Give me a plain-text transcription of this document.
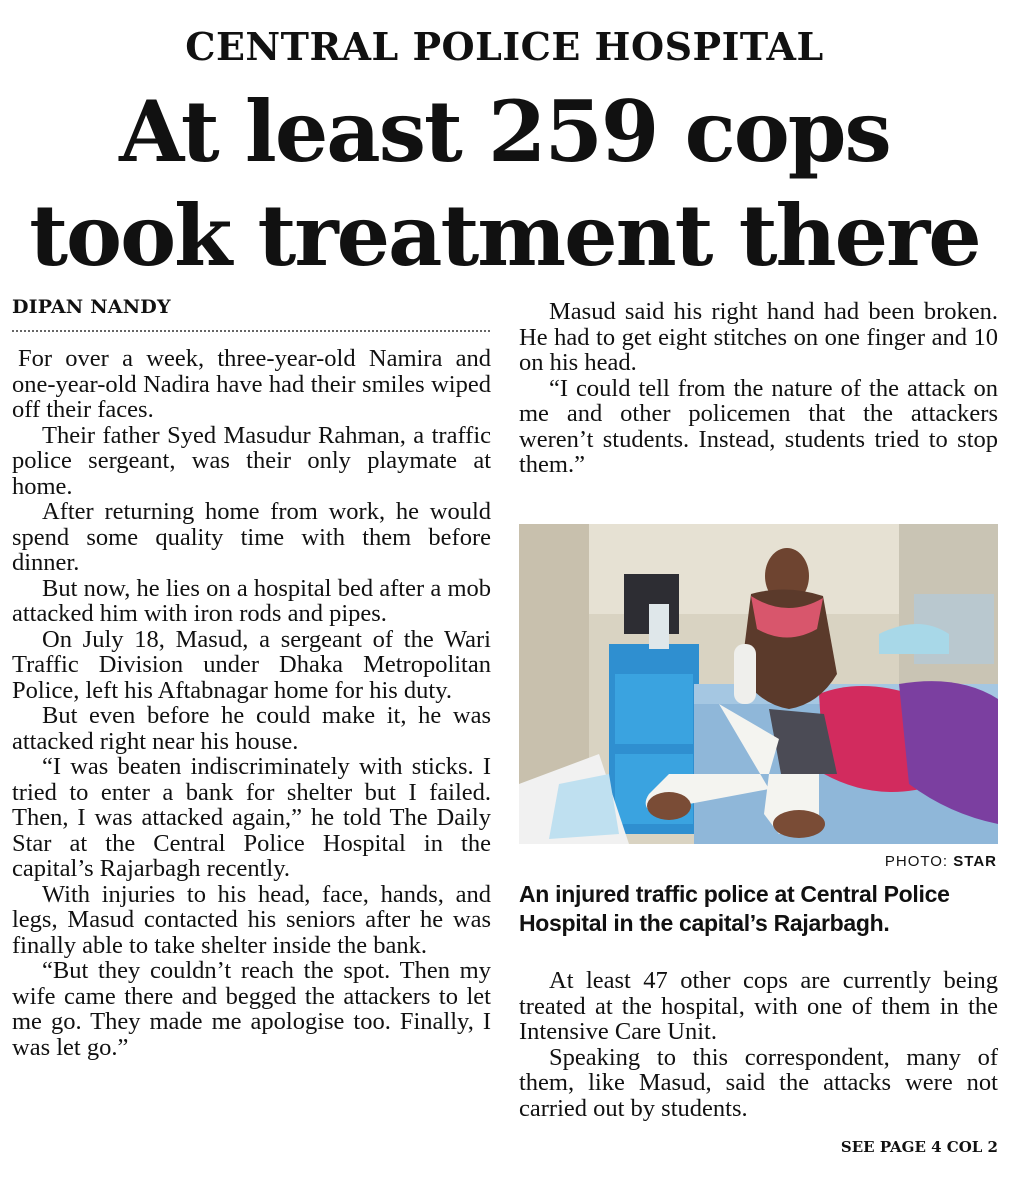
CENTRAL POLICE HOSPITAL
At least 259 cops
took treatment there
DIPAN NANDY

For over a week, three-year-old Namira and one-year-old Nadira have had their smiles wiped off their faces.

Their father Syed Masudur Rahman, a traffic police sergeant, was their only playmate at home.

After returning home from work, he would spend some quality time with them before dinner.

But now, he lies on a hospital bed after a mob attacked him with iron rods and pipes.

On July 18, Masud, a sergeant of the Wari Traffic Division under Dhaka Metropolitan Police, left his Aftabnagar home for his duty.

But even before he could make it, he was attacked right near his house.

“I was beaten indiscriminately with sticks. I tried to enter a bank for shelter but I failed. Then, I was attacked again,” he told The Daily Star at the Central Police Hospital in the capital’s Rajarbagh recently.

With injuries to his head, face, hands, and legs, Masud contacted his seniors after he was finally able to take shelter inside the bank.

“But they couldn’t reach the spot. Then my wife came there and begged the attackers to let me go. They made me apologise too. Finally, I was let go.”

Masud said his right hand had been broken. He had to get eight stitches on one finger and 10 on his head.

“I could tell from the nature of the attack on me and other policemen that the attackers weren’t students. Instead, students tried to stop them.”

PHOTO: STAR
An injured traffic police at Central Police Hospital in the capital’s Rajarbagh.

At least 47 other cops are currently being treated at the hospital, with one of them in the Intensive Care Unit.

Speaking to this correspondent, many of them, like Masud, said the attacks were not carried out by students.

SEE PAGE 4 COL 2
